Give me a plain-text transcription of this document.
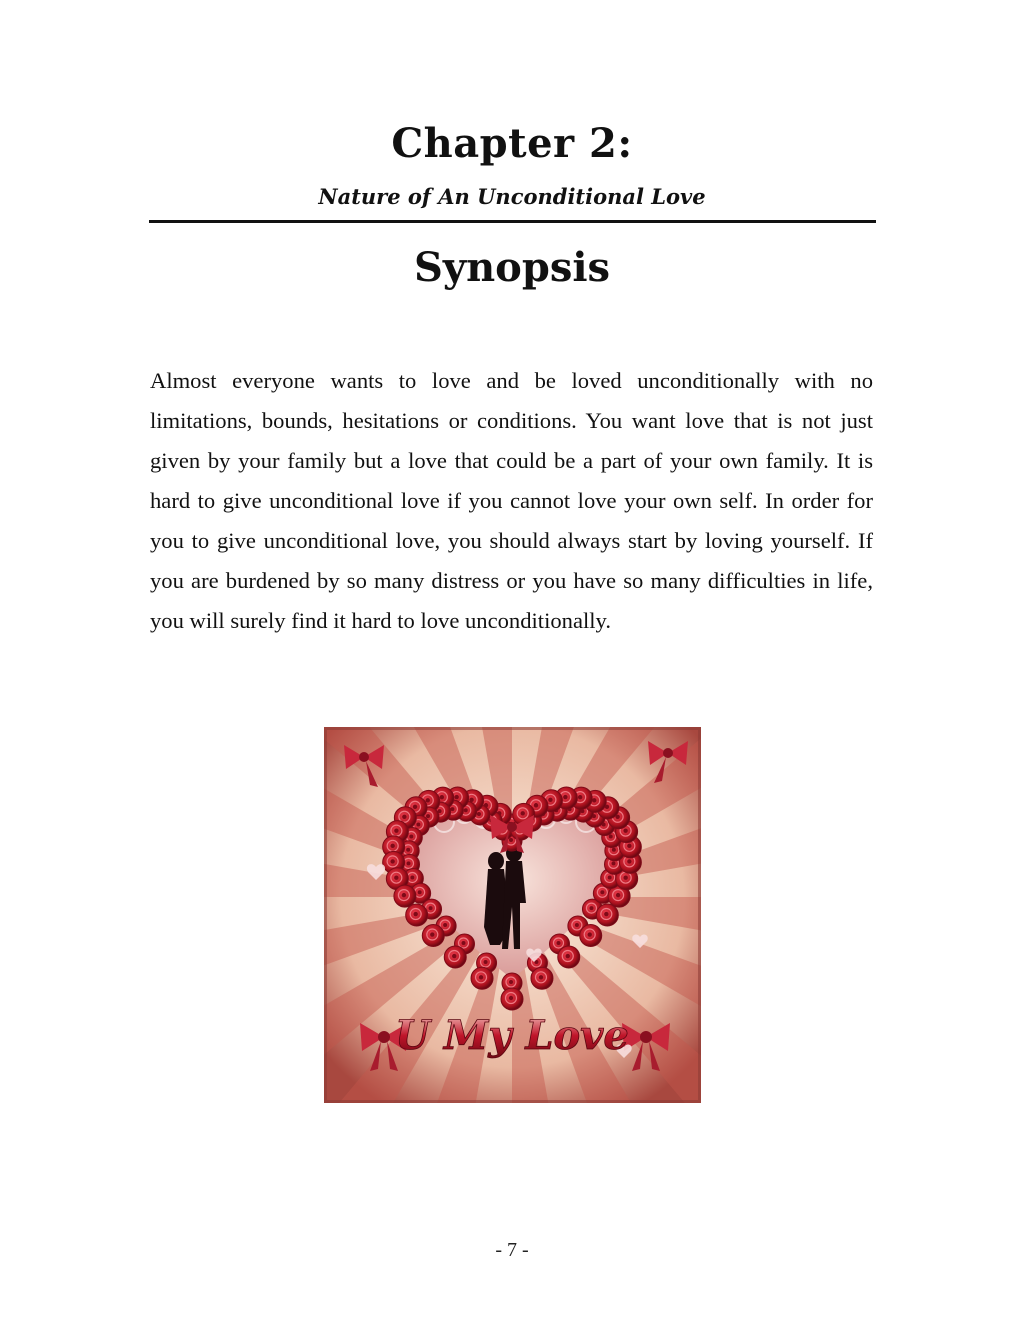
Chapter 2:
Nature of An Unconditional Love
Synopsis

Almost everyone wants to love and be loved unconditionally with no limitations, bounds, hesitations or conditions. You want love that is not just given by your family but a love that could be a part of your own family. It is hard to give unconditional love if you cannot love your own self. In order for you to give unconditional love, you should always start by loving yourself. If you are burdened by so many distress or you have so many difficulties in life, you will surely find it hard to love unconditionally.

U My Love
- 7 -
